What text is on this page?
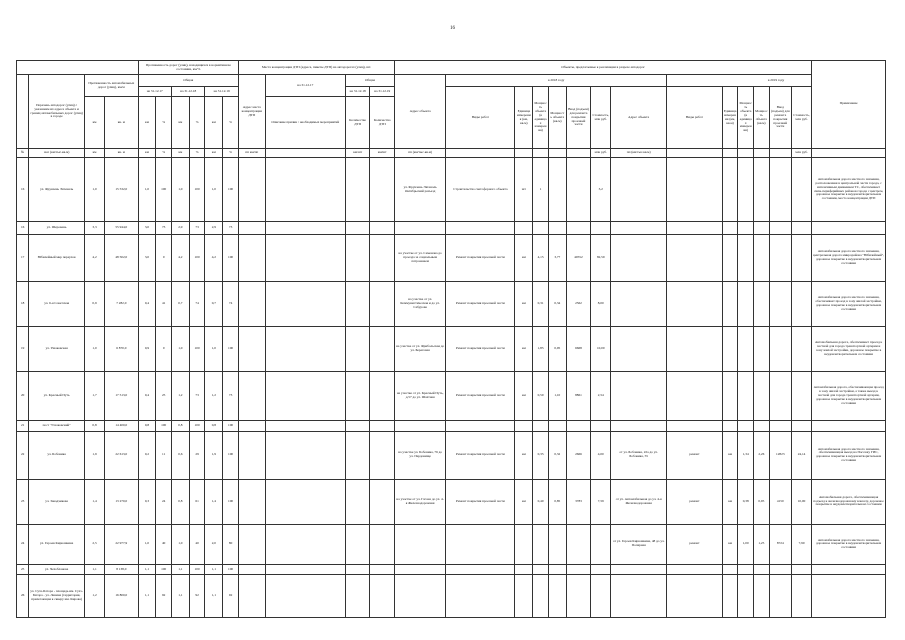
16
				Протяженность дорог (улиц), находящихся в нормативном состоянии, км/%						Места концентрации ДТП (адреса, пикеты ДТП) на автодорогах (улиц), шт.				Объекты, предлагаемые к реализации в разрезе автодорог														Примечание
	Перечень автодорог (улиц) с указанием их адреса объекта и границ автомобильных дорог (улиц) в городе	Протяженность автомобильных дорог (улиц), км/м		Общая						Адрес места концентрации ДТП	на 31.12.17	Общая		Адрес объекта	в 2018 году							в 2019 году						
				на 31.12.17		на 31.12.18		на 31.12.19				на 31.12.18	на 31.12.19		Виды работ	Единица измерения (км, кв.м)	Мощность объекта (в единицах измерения)	Мощность объекта (кв.м)	Ввод (подъем) для ремонта покрытия проезжей части	Стоимость, млн руб.	Адрес объекта	Виды работ	Единица измерения (км, кв.м)	Мощность объекта (в единицах измерения)	Мощность объекта (кв.м)	Ввод (подъем) для ремонта покрытия проезжей части	Стоимость, млн руб.	
		км	кв. м	км	%	км	%	км	%		Описание причин / необходимых мероприятий	Количество ДТП	Количество ДТП															
№	ш.п (км/тыс.кв.м)	км	кв. м	км	%	км	%	км	%	пп км/пп		км/шт	км/шт	пп (км/тыс.кв.м)						млн руб.	пп (км/тыс.кв.м)						млн руб.	
16	ул. Фрунзень Эвтеналь	1,0	15 532,0	1,0	100	1,0	100	1,0	100					ул. Фрунзень Эвтеналь Октябрьский разъезд	Строительство светофорного объекта	шт	1			3,2								Автомобильная дорога местного значения, расположенная в центральной части города, с интенсивным движением ТС, обеспечивает связь периферийных районов города с центром, дорожное покрытие в неудовлетворительном состоянии, место концентрации ДТП
16	ул. Шеровень	3,3	55 944,0	3,0	73	2,9	73	2,9	73																			
17	Юбилейный мкр переулок	4,2	48 502,0	3,0	0	4,2	100	4,2	100					на участке от ул. Семенова до проезда за социальным патронажем	Ремонт покрытия проезжей части	км	4,15	3,77	40552	82,59								Автомобильная дорога местного значения, центральная дорога микрорайона "Юбилейный", дорожное покрытие в неудовлетворительном состоянии
18	ул. 6-я Советская	0,9	7 282,0	0,4	41	0,7	74	0,7	74					на участке от ул. Коммунистическая и до ул. Сабурова	Ремонт покрытия проезжей части	км	0,31	0,34	2562	8,00								Автомобильная дорога местного значения, обеспечивает проезд в зону жилой застройки, дорожное покрытие в неудовлетворительном состоянии
19	ул. Ушаковская	1,0	6 870,0	0,9	0	1,0	100	1,0	100					на участке от ул. Фрибольская до ул. Береговая	Ремонт покрытия проезжей части	км	1,85	0,95	6668	10,00								Автомобильная дорога, обеспечивает проезд к частной для города транспортной артерии и зону жилой застройки, дорожное покрытие в неудовлетворительном состоянии
20	ул. Красный Путь	1,7	17 513,0	0,4	25	1,2	73	1,2	73					на участке от ул. Красный Путь, д.57 до ул. Шахтная	Ремонт покрытия проезжей части	км	0,50	1,10	8861	2,54								Автомобильная дорога, обеспечивающая проезд в зону жилой застройки, а также выезд к частной для города транспортной артерии, дорожное покрытие в неудовлетворительном состоянии
21	пост "Глазковский"	0,8	14 400,0	0,8	100	0,8	100	0,8	100																			
22	ул. Бобовика	1,9	22 613,0	0,2	11	0,6	29	1,9	100					на участке ул. Бобовика, 76 до ул. Пердовище	Ремонт покрытия проезжей части	км	0,35	0,32	2666	4,00	от ул. Бобовика, 22а до ул. Бобовика, 55	ремонт	км	1,34	2,26	12823	24,14	Автомобильная дорога местного значения, обеспечивающая выезд на Пассажу ГИС, дорожное покрытие в неудовлетворительном состоянии
23	ул. Завадчикова	1,4	13 270,0	0,3	24	0,8	61	1,4	100					на участке от ул. Гагона до ул. 4-я Железнодорожная	Ремонт покрытия проезжей части	км	0,40	0,85	3783	7,59	от ул. Автомобильная до ул. 4-я Железнодорожная	ремонт	км	0,38	0,95	4150	10,00	Автомобильная дорога, обеспечивающая подъезд к железнодорожному вокзалу, дорожное покрытие в неудовлетворительном состоянии
24	ул. Героев Кирюшкина	2,5	22 977,9	1,0	40	1,0	40	2,0	80												от ул. Героев Кирюшкина, 48 до ул. Полярная	ремонт	км	1,00	1,25	8724	7,90	Автомобильная дорога местного значения, дорожное покрытие в неудовлетворительном состоянии
25	ул. Чехобланова	1,1	8 138,0	1,1	100	1,1	100	1,1	100																			
26	ул. Сухэ-Батора - площадь им. Сухэ-Батора - ул. Ленина (территория, прилегающая к скверу им. Кирова)	1,2	16 800,0	1,1	92	1,1	92	1,1	92																			
